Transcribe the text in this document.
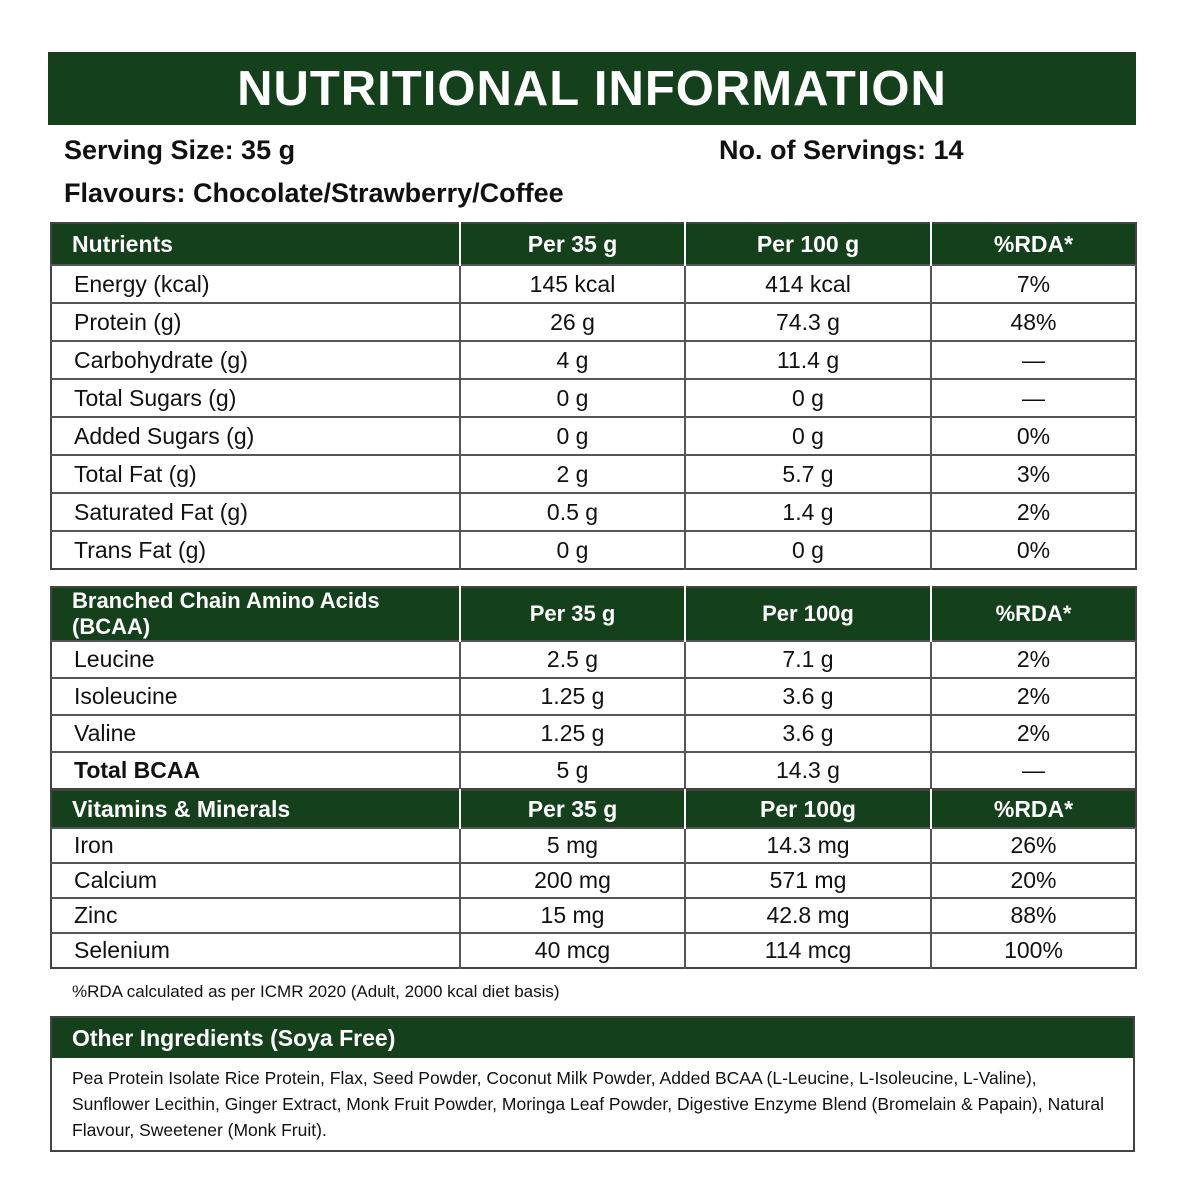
NUTRITIONAL INFORMATION
Serving Size: 35 g	No. of Servings: 14
Flavours: Chocolate/Strawberry/Coffee
Nutrients	Per 35 g	Per 100 g	%RDA*
Energy (kcal)	145 kcal	414 kcal	7%
Protein (g)	26 g	74.3 g	48%
Carbohydrate (g)	4 g	11.4 g	—
Total Sugars (g)	0 g	0 g	—
Added Sugars (g)	0 g	0 g	0%
Total Fat (g)	2 g	5.7 g	3%
Saturated Fat (g)	0.5 g	1.4 g	2%
Trans Fat (g)	0 g	0 g	0%
Branched Chain Amino Acids (BCAA)	Per 35 g	Per 100g	%RDA*
Leucine	2.5 g	7.1 g	2%
Isoleucine	1.25 g	3.6 g	2%
Valine	1.25 g	3.6 g	2%
Total BCAA	5 g	14.3 g	—
Vitamins & Minerals	Per 35 g	Per 100g	%RDA*
Iron	5 mg	14.3 mg	26%
Calcium	200 mg	571 mg	20%
Zinc	15 mg	42.8 mg	88%
Selenium	40 mcg	114 mcg	100%
%RDA calculated as per ICMR 2020 (Adult, 2000 kcal diet basis)
Other Ingredients (Soya Free)
Pea Protein Isolate Rice Protein, Flax, Seed Powder, Coconut Milk Powder, Added BCAA (L-Leucine, L-Isoleucine, L-Valine), Sunflower Lecithin, Ginger Extract, Monk Fruit Powder, Moringa Leaf Powder, Digestive Enzyme Blend (Bromelain & Papain), Natural Flavour, Sweetener (Monk Fruit).
